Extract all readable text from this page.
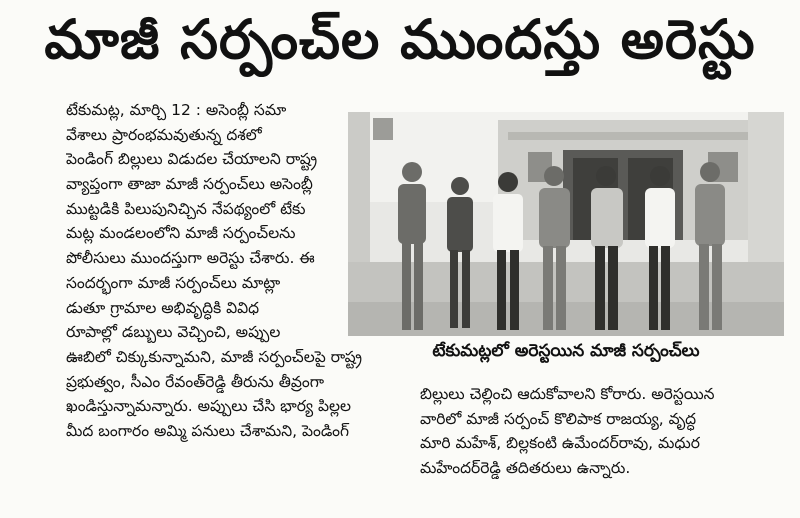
మాజీ సర్పంచ్‌ల ముందస్తు అరెస్టు

టేకుమట్ల, మార్చి 12 : అసెంబ్లీ సమా
వేశాలు ప్రారంభమవుతున్న దశలో
పెండింగ్ బిల్లులు విడుదల చేయాలని రాష్ట్ర
వ్యాప్తంగా తాజా మాజీ సర్పంచ్‌లు అసెంబ్లీ
ముట్టడికి పిలుపునిచ్చిన నేపథ్యంలో టేకు
మట్ల మండలంలోని మాజీ సర్పంచ్‌లను
పోలీసులు ముందస్తుగా అరెస్టు చేశారు. ఈ
సందర్భంగా మాజీ సర్పంచ్‌లు మాట్లా
డుతూ గ్రామాల అభివృద్ధికి వివిధ
రూపాల్లో డబ్బులు వెచ్చించి, అప్పుల
ఊబిలో చిక్కుకున్నామని, మాజీ సర్పంచ్‌లపై రాష్ట్ర
ప్రభుత్వం, సీఎం రేవంత్‌రెడ్డి తీరును తీవ్రంగా
ఖండిస్తున్నామన్నారు. అప్పులు చేసి భార్య పిల్లల
మీద బంగారం అమ్మి పనులు చేశామని, పెండింగ్

టేకుమట్లలో అరెస్టయిన మాజీ సర్పంచ్‌లు

బిల్లులు చెల్లించి ఆదుకోవాలని కోరారు. అరెస్టయిన
వారిలో మాజీ సర్పంచ్ కొలిపాక రాజయ్య, వృద్ధ
మారి మహేశ్, బిల్లకంటి ఉమేందర్‌రావు, మధుర
మహేందర్‌రెడ్డి తదితరులు ఉన్నారు.
